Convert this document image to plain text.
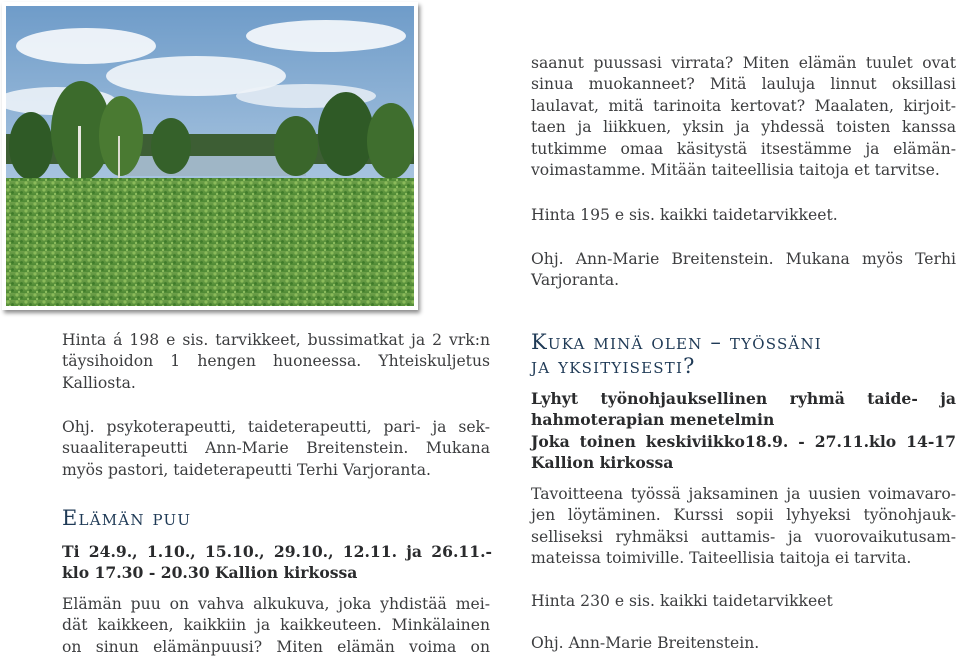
saanut puussasi virrata? Miten elämän tuulet ovat
sinua muokanneet? Mitä lauluja linnut oksillasi
laulavat, mitä tarinoita kertovat? Maalaten, kirjoit-
taen ja liikkuen, yksin ja yhdessä toisten kanssa
tutkimme omaa käsitystä itsestämme ja elämän-
voimastamme. Mitään taiteellisia taitoja et tarvitse.
Hinta 195 e sis. kaikki taidetarvikkeet.
Ohj. Ann-Marie Breitenstein. Mukana myös Terhi
Varjoranta.
Hinta á 198 e sis. tarvikkeet, bussimatkat ja 2 vrk:n
täysihoidon 1 hengen huoneessa. Yhteiskuljetus
Kalliosta.
Ohj. psykoterapeutti, taideterapeutti, pari- ja sek-
suaaliterapeutti Ann-Marie Breitenstein. Mukana
myös pastori, taideterapeutti Terhi Varjoranta.
Elämän puu
Ti 24.9., 1.10., 15.10., 29.10., 12.11. ja 26.11.-
klo 17.30 - 20.30 Kallion kirkossa
Elämän puu on vahva alkukuva, joka yhdistää mei-
dät kaikkeen, kaikkiin ja kaikkeuteen. Minkälainen
on sinun elämänpuusi? Miten elämän voima on
Kuka minä olen – työssäni
ja yksityisesti?
Lyhyt työnohjauksellinen ryhmä taide- ja
hahmoterapian menetelmin
Joka toinen keskiviikko18.9. - 27.11.klo 14-17
Kallion kirkossa
Tavoitteena työssä jaksaminen ja uusien voimavaro-
jen löytäminen. Kurssi sopii lyhyeksi työnohjauk-
selliseksi ryhmäksi auttamis- ja vuorovaikutusam-
mateissa toimiville. Taiteellisia taitoja ei tarvita.
Hinta 230 e sis. kaikki taidetarvikkeet
Ohj. Ann-Marie Breitenstein.
